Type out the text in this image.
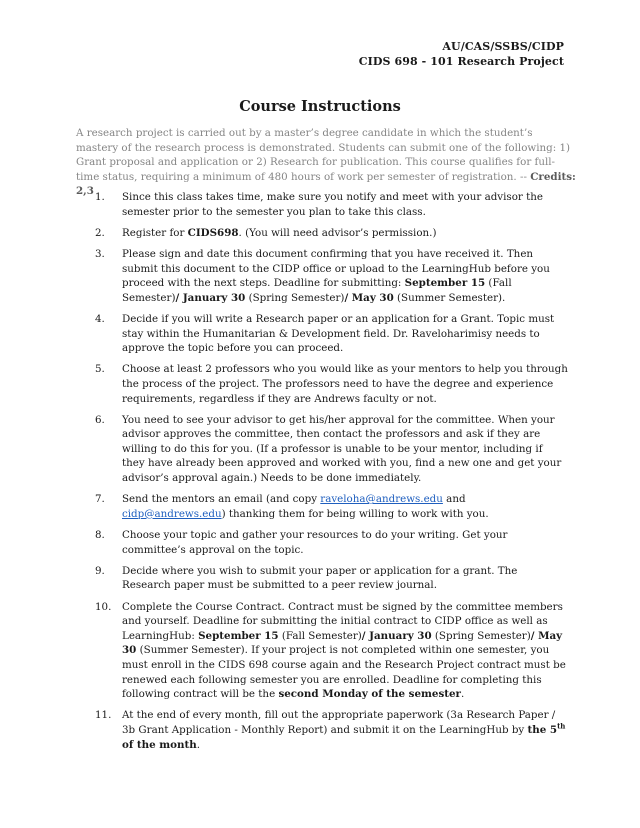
AU/CAS/SSBS/CIDP
CIDS 698 - 101 Research Project
Course Instructions
A research project is carried out by a master’s degree candidate in which the student’s mastery of the research process is demonstrated. Students can submit one of the following: 1) Grant proposal and application or 2) Research for publication. This course qualifies for full-time status, requiring a minimum of 480 hours of work per semester of registration. -- Credits: 2,3 1. Since this class takes time, make sure you notify and meet with your advisor the semester prior to the semester you plan to take this class.
2. Register for CIDS698. (You will need advisor’s permission.)
3. Please sign and date this document confirming that you have received it. Then submit this document to the CIDP office or upload to the LearningHub before you proceed with the next steps. Deadline for submitting: September 15 (Fall Semester)/ January 30 (Spring Semester)/ May 30 (Summer Semester).
4. Decide if you will write a Research paper or an application for a Grant. Topic must stay within the Humanitarian & Development field. Dr. Raveloharimisy needs to approve the topic before you can proceed.
5. Choose at least 2 professors who you would like as your mentors to help you through the process of the project. The professors need to have the degree and experience requirements, regardless if they are Andrews faculty or not.
6. You need to see your advisor to get his/her approval for the committee. When your advisor approves the committee, then contact the professors and ask if they are willing to do this for you. (If a professor is unable to be your mentor, including if they have already been approved and worked with you, find a new one and get your advisor’s approval again.) Needs to be done immediately.
7. Send the mentors an email (and copy raveloha@andrews.edu and cidp@andrews.edu) thanking them for being willing to work with you.
8. Choose your topic and gather your resources to do your writing. Get your committee’s approval on the topic.
9. Decide where you wish to submit your paper or application for a grant. The Research paper must be submitted to a peer review journal.
10. Complete the Course Contract. Contract must be signed by the committee members and yourself. Deadline for submitting the initial contract to CIDP office as well as LearningHub: September 15 (Fall Semester)/ January 30 (Spring Semester)/ May 30 (Summer Semester). If your project is not completed within one semester, you must enroll in the CIDS 698 course again and the Research Project contract must be renewed each following semester you are enrolled. Deadline for completing this following contract will be the second Monday of the semester.
11. At the end of every month, fill out the appropriate paperwork (3a Research Paper / 3b Grant Application - Monthly Report) and submit it on the LearningHub by the 5th of the month.
